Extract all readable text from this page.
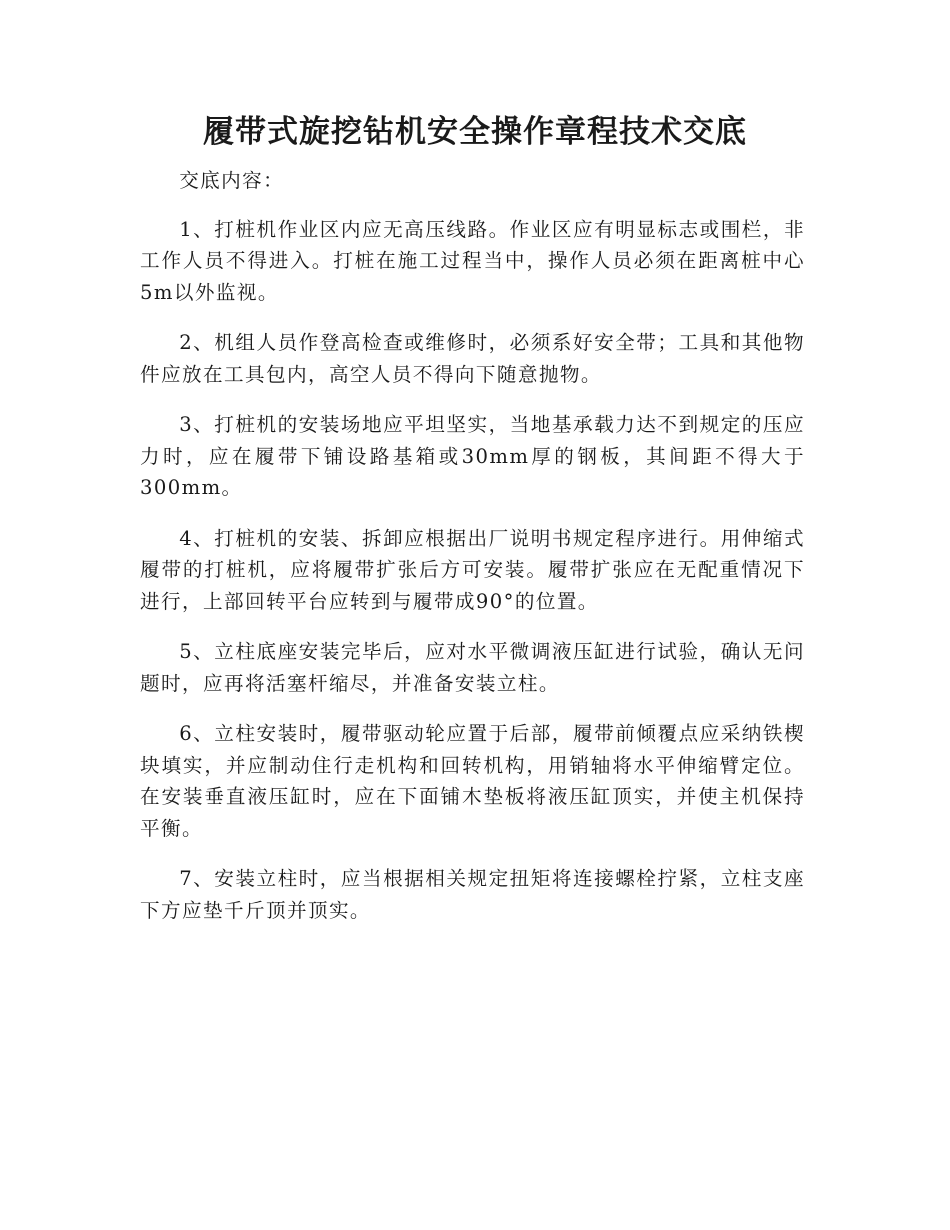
履带式旋挖钻机安全操作章程技术交底

交底内容：

1、打桩机作业区内应无高压线路。作业区应有明显标志或围栏，非工作人员不得进入。打桩在施工过程当中，操作人员必须在距离桩中心5m以外监视。

2、机组人员作登高检查或维修时，必须系好安全带；工具和其他物件应放在工具包内，高空人员不得向下随意抛物。

3、打桩机的安装场地应平坦坚实，当地基承载力达不到规定的压应力时，应在履带下铺设路基箱或30mm厚的钢板，其间距不得大于300mm。

4、打桩机的安装、拆卸应根据出厂说明书规定程序进行。用伸缩式履带的打桩机，应将履带扩张后方可安装。履带扩张应在无配重情况下进行，上部回转平台应转到与履带成90°的位置。

5、立柱底座安装完毕后，应对水平微调液压缸进行试验，确认无问题时，应再将活塞杆缩尽，并准备安装立柱。

6、立柱安装时，履带驱动轮应置于后部，履带前倾覆点应采纳铁楔块填实，并应制动住行走机构和回转机构，用销轴将水平伸缩臂定位。在安装垂直液压缸时，应在下面铺木垫板将液压缸顶实，并使主机保持平衡。

7、安装立柱时，应当根据相关规定扭矩将连接螺栓拧紧，立柱支座下方应垫千斤顶并顶实。
